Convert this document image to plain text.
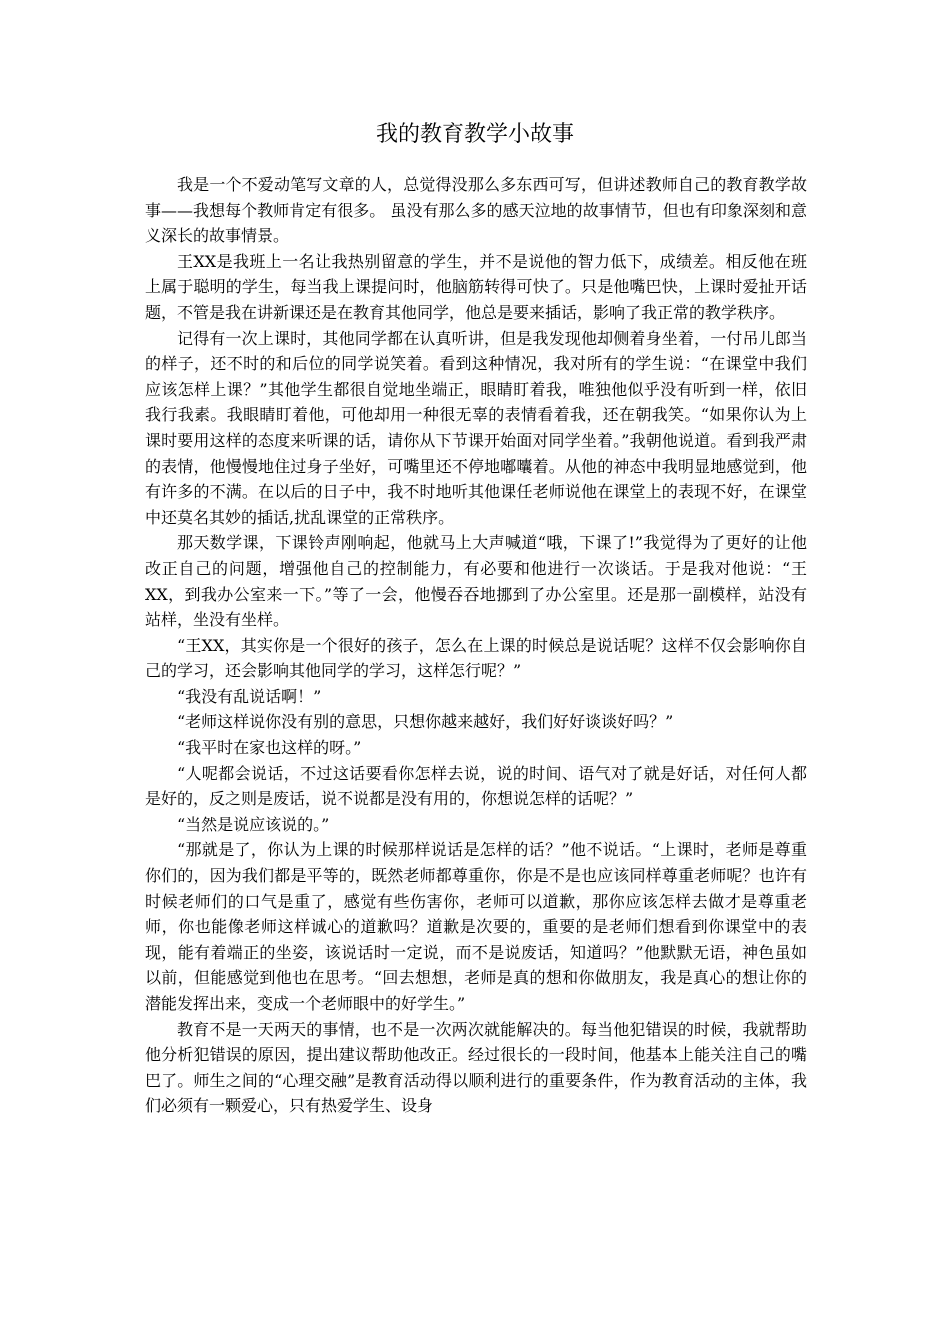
我的教育教学小故事

我是一个不爱动笔写文章的人，总觉得没那么多东西可写，但讲述教师自己的教育教学故事——我想每个教师肯定有很多。 虽没有那么多的感天泣地的故事情节，但也有印象深刻和意义深长的故事情景。

王XX是我班上一名让我热别留意的学生，并不是说他的智力低下，成绩差。相反他在班上属于聪明的学生，每当我上课提问时，他脑筋转得可快了。只是他嘴巴快，上课时爱扯开话题，不管是我在讲新课还是在教育其他同学，他总是要来插话，影响了我正常的教学秩序。

记得有一次上课时，其他同学都在认真听讲，但是我发现他却侧着身坐着，一付吊儿郎当的样子，还不时的和后位的同学说笑着。看到这种情况，我对所有的学生说：“在课堂中我们应该怎样上课？”其他学生都很自觉地坐端正，眼睛盯着我，唯独他似乎没有听到一样，依旧我行我素。我眼睛盯着他，可他却用一种很无辜的表情看着我，还在朝我笑。“如果你认为上课时要用这样的态度来听课的话，请你从下节课开始面对同学坐着。”我朝他说道。看到我严肃的表情，他慢慢地住过身子坐好，可嘴里还不停地嘟囔着。从他的神态中我明显地感觉到，他有许多的不满。在以后的日子中，我不时地听其他课任老师说他在课堂上的表现不好，在课堂中还莫名其妙的插话,扰乱课堂的正常秩序。

那天数学课，下课铃声刚响起，他就马上大声喊道“哦，下课了!”我觉得为了更好的让他改正自己的问题，增强他自己的控制能力，有必要和他进行一次谈话。于是我对他说：“王XX，到我办公室来一下。”等了一会，他慢吞吞地挪到了办公室里。还是那一副模样，站没有站样，坐没有坐样。

“王XX，其实你是一个很好的孩子，怎么在上课的时候总是说话呢？这样不仅会影响你自己的学习，还会影响其他同学的学习，这样怎行呢？”

“我没有乱说话啊！”

“老师这样说你没有别的意思，只想你越来越好，我们好好谈谈好吗？”

“我平时在家也这样的呀。”

“人呢都会说话，不过这话要看你怎样去说，说的时间、语气对了就是好话，对任何人都是好的，反之则是废话，说不说都是没有用的，你想说怎样的话呢？”

“当然是说应该说的。”

“那就是了，你认为上课的时候那样说话是怎样的话？”他不说话。“上课时，老师是尊重你们的，因为我们都是平等的，既然老师都尊重你，你是不是也应该同样尊重老师呢？也许有时候老师们的口气是重了，感觉有些伤害你，老师可以道歉，那你应该怎样去做才是尊重老师，你也能像老师这样诚心的道歉吗？道歉是次要的，重要的是老师们想看到你课堂中的表现，能有着端正的坐姿，该说话时一定说，而不是说废话，知道吗？”他默默无语，神色虽如以前，但能感觉到他也在思考。“回去想想，老师是真的想和你做朋友，我是真心的想让你的潜能发挥出来，变成一个老师眼中的好学生。”

教育不是一天两天的事情，也不是一次两次就能解决的。每当他犯错误的时候，我就帮助他分析犯错误的原因，提出建议帮助他改正。经过很长的一段时间，他基本上能关注自己的嘴巴了。师生之间的“心理交融”是教育活动得以顺利进行的重要条件，作为教育活动的主体，我们必须有一颗爱心，只有热爱学生、设身
